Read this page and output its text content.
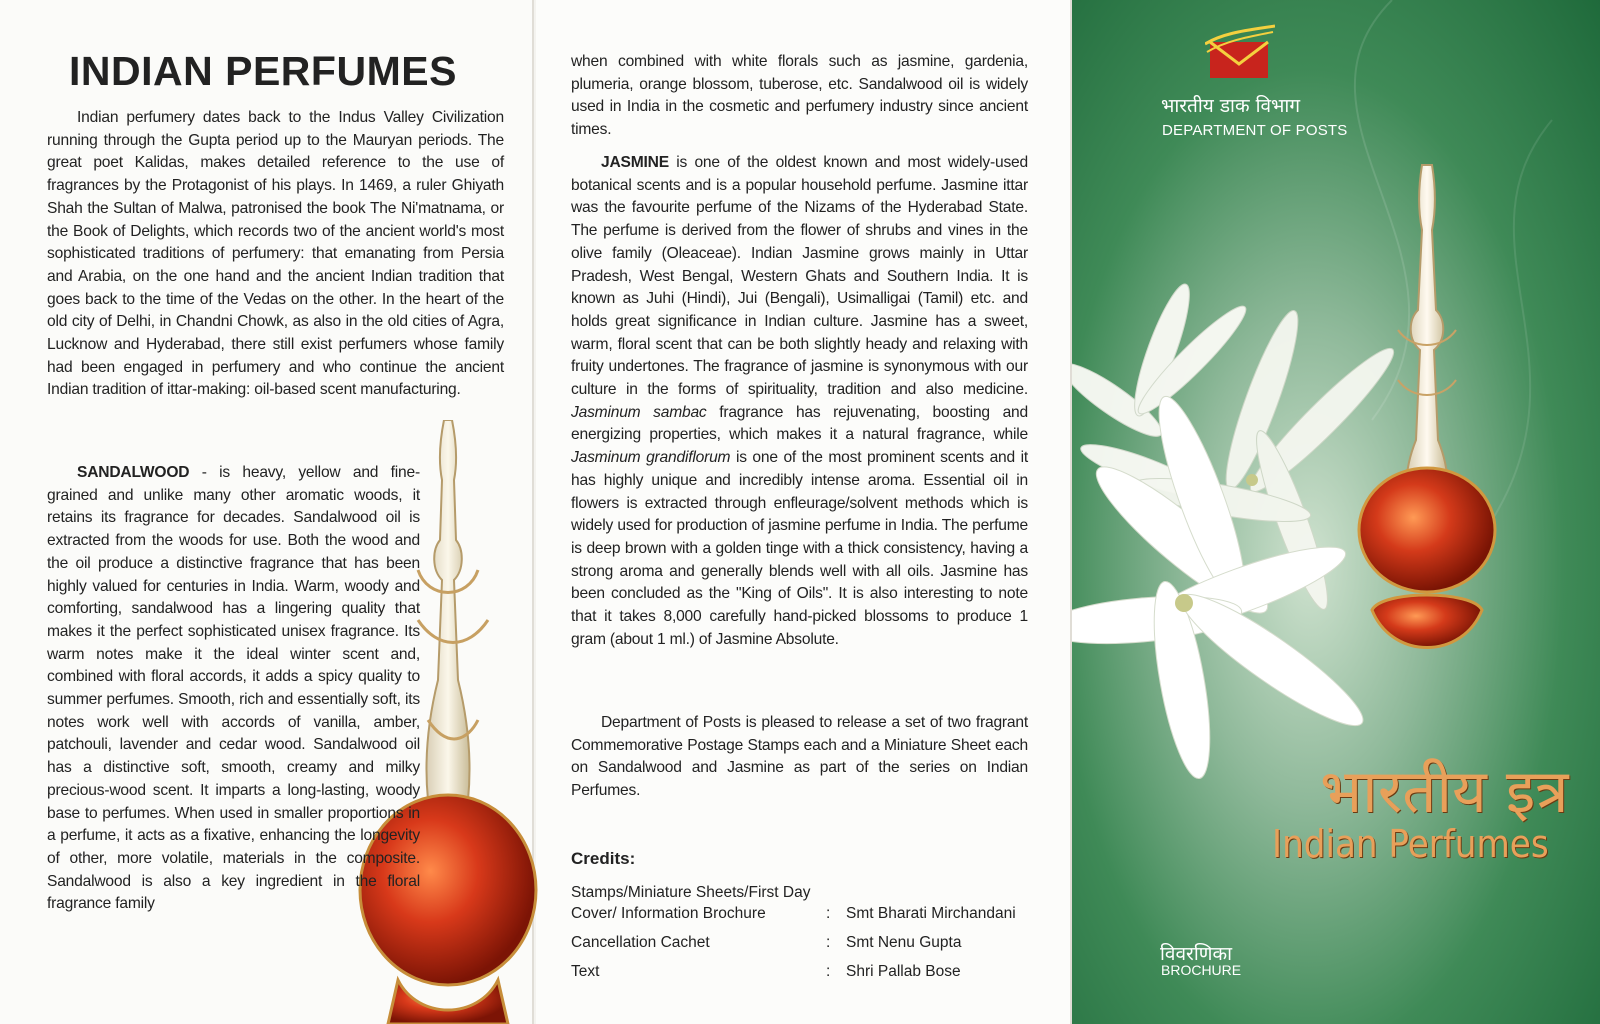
INDIAN PERFUMES

Indian perfumery dates back to the Indus Valley Civilization running through the Gupta period up to the Mauryan periods. The great poet Kalidas, makes detailed reference to the use of fragrances by the Protagonist of his plays. In 1469, a ruler Ghiyath Shah the Sultan of Malwa, patronised the book The Ni'matnama, or the Book of Delights, which records two of the ancient world's most sophisticated traditions of perfumery: that emanating from Persia and Arabia, on the one hand and the ancient Indian tradition that goes back to the time of the Vedas on the other. In the heart of the old city of Delhi, in Chandni Chowk, as also in the old cities of Agra, Lucknow and Hyderabad, there still exist perfumers whose family had been engaged in perfumery and who continue the ancient Indian tradition of ittar-making: oil-based scent manufacturing.

SANDALWOOD - is heavy, yellow and fine-grained and unlike many other aromatic woods, it retains its fragrance for decades. Sandalwood oil is extracted from the woods for use. Both the wood and the oil produce a distinctive fragrance that has been highly valued for centuries in India. Warm, woody and comforting, sandalwood has a lingering quality that makes it the perfect sophisticated unisex fragrance. Its warm notes make it the ideal winter scent and, combined with floral accords, it adds a spicy quality to summer perfumes. Smooth, rich and essentially soft, its notes work well with accords of vanilla, amber, patchouli, lavender and cedar wood. Sandalwood oil has a distinctive soft, smooth, creamy and milky precious-wood scent. It imparts a long-lasting, woody base to perfumes. When used in smaller proportions in a perfume, it acts as a fixative, enhancing the longevity of other, more volatile, materials in the composite. Sandalwood is also a key ingredient in the floral fragrance family

when combined with white florals such as jasmine, gardenia, plumeria, orange blossom, tuberose, etc. Sandalwood oil is widely used in India in the cosmetic and perfumery industry since ancient times.

JASMINE is one of the oldest known and most widely-used botanical scents and is a popular household perfume. Jasmine ittar was the favourite perfume of the Nizams of the Hyderabad State. The perfume is derived from the flower of shrubs and vines in the olive family (Oleaceae). Indian Jasmine grows mainly in Uttar Pradesh, West Bengal, Western Ghats and Southern India. It is known as Juhi (Hindi), Jui (Bengali), Usimalligai (Tamil) etc. and holds great significance in Indian culture. Jasmine has a sweet, warm, floral scent that can be both slightly heady and relaxing with fruity undertones. The fragrance of jasmine is synonymous with our culture in the forms of spirituality, tradition and also medicine. Jasminum sambac fragrance has rejuvenating, boosting and energizing properties, which makes it a natural fragrance, while Jasminum grandiflorum is one of the most prominent scents and it has highly unique and incredibly intense aroma. Essential oil in flowers is extracted through enfleurage/solvent methods which is widely used for production of jasmine perfume in India. The perfume is deep brown with a golden tinge with a thick consistency, having a strong aroma and generally blends well with all oils. Jasmine has been concluded as the "King of Oils". It is also interesting to note that it takes 8,000 carefully hand-picked blossoms to produce 1 gram (about 1 ml.) of Jasmine Absolute.

Department of Posts is pleased to release a set of two fragrant Commemorative Postage Stamps each and a Miniature Sheet each on Sandalwood and Jasmine as part of the series on Indian Perfumes.

Credits:
Stamps/Miniature Sheets/First Day Cover/ Information Brochure	:	Smt Bharati Mirchandani
Cancellation Cachet	:	Smt Nenu Gupta
Text	:	Shri Pallab Bose
भारतीय डाक विभाग
DEPARTMENT OF POSTS
भारतीय इत्र
Indian Perfumes
विवरणिका
BROCHURE
